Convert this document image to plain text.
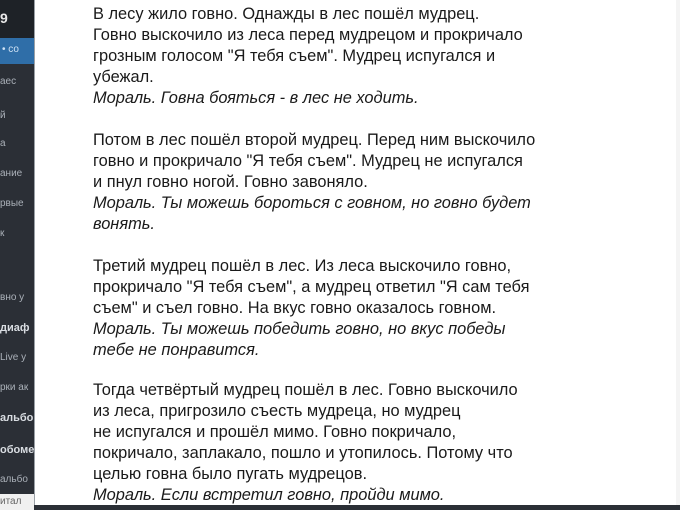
9
• со
аес
й
а
ание
рвые
к
вно у
диаф
Live у
рки ак
альбо
обоме
альбо
итал

В лесу жило говно. Однажды в лес пошёл мудрец.

Говно выскочило из леса перед мудрецом и прокричало

грозным голосом "Я тебя съем". Мудрец испугался и

убежал.

Мораль. Говна бояться - в лес не ходить.

Потом в лес пошёл второй мудрец. Перед ним выскочило

говно и прокричало "Я тебя съем". Мудрец не испугался

и пнул говно ногой. Говно завоняло.

Мораль. Ты можешь бороться с говном, но говно будет

вонять.

Третий мудрец пошёл в лес. Из леса выскочило говно,

прокричало "Я тебя съем", а мудрец ответил "Я сам тебя

съем" и съел говно. На вкус говно оказалось говном.

Мораль. Ты можешь победить говно, но вкус победы

тебе не понравится.

Тогда четвёртый мудрец пошёл в лес. Говно выскочило

из леса, пригрозило съесть мудреца, но мудрец

не испугался и прошёл мимо. Говно покричало,

покричало, заплакало, пошло и утопилось. Потому что

целью говна было пугать мудрецов.

Мораль. Если встретил говно, пройди мимо.
